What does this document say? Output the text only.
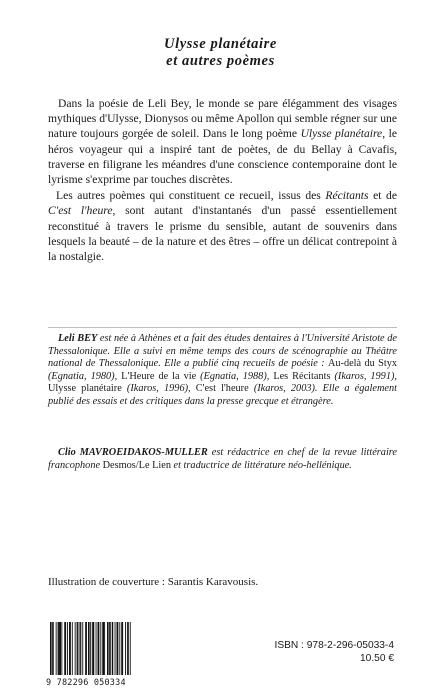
Ulysse planétaire
et autres poèmes

Dans la poésie de Leli Bey, le monde se pare élégamment des visages mythiques d'Ulysse, Dionysos ou même Apollon qui semble régner sur une nature toujours gorgée de soleil. Dans le long poème Ulysse planétaire, le héros voyageur qui a inspiré tant de poètes, de du Bellay à Cavafis, traverse en filigrane les méandres d'une conscience contemporaine dont le lyrisme s'exprime par touches discrètes.

Les autres poèmes qui constituent ce recueil, issus des Récitants et de C'est l'heure, sont autant d'instantanés d'un passé essentiellement reconstitué à travers le prisme du sensible, autant de souvenirs dans lesquels la beauté – de la nature et des êtres – offre un délicat contrepoint à la nostalgie.

Leli BEY est née à Athènes et a fait des études dentaires à l'Université Aristote de Thessalonique. Elle a suivi en même temps des cours de scénographie au Théâtre national de Thessalonique. Elle a publié cinq recueils de poésie : Au-delà du Styx (Egnatia, 1980), L'Heure de la vie (Egnatia, 1988), Les Récitants (Ikaros, 1991), Ulysse planétaire (Ikaros, 1996), C'est l'heure (Ikaros, 2003). Elle a également publié des essais et des critiques dans la presse grecque et étrangère.

Clio MAVROEIDAKOS-MULLER est rédactrice en chef de la revue littéraire francophone Desmos/Le Lien et traductrice de littérature néo-hellénique.

Illustration de couverture : Sarantis Karavousis.
9 782296 050334
ISBN : 978-2-296-05033-4
10.50 €
